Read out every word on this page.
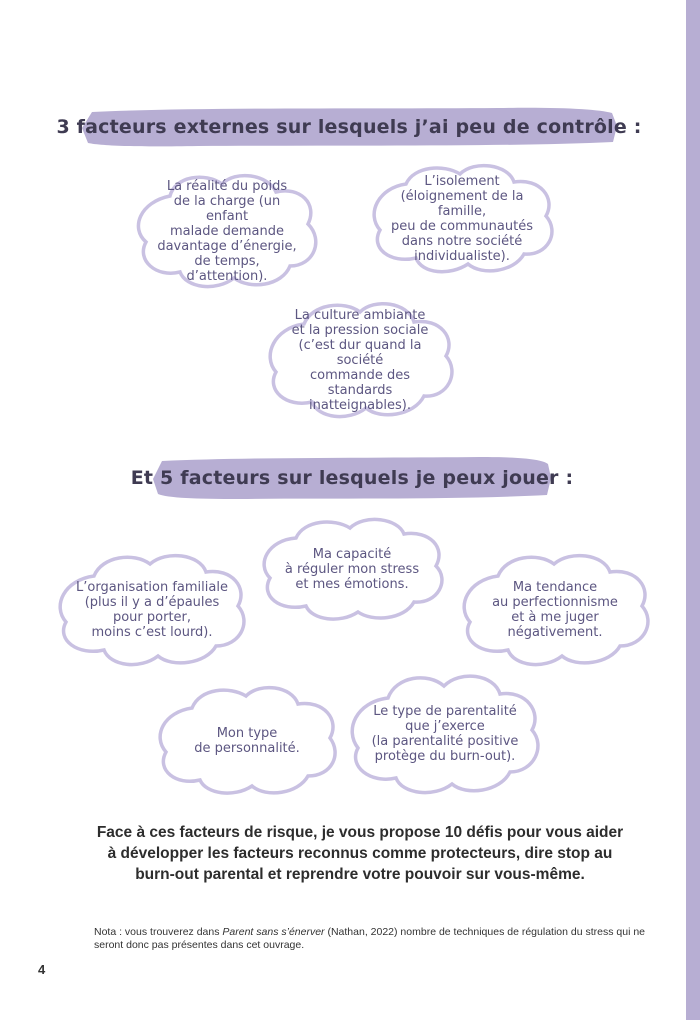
3 facteurs externes sur lesquels j’ai peu de contrôle :
La réalité du poids
de la charge (un enfant
malade demande
davantage d’énergie,
de temps, d’attention).
L’isolement
(éloignement de la famille,
peu de communautés
dans notre société
individualiste).
La culture ambiante
et la pression sociale
(c’est dur quand la société
commande des standards
inatteignables).
Et 5 facteurs sur lesquels je peux jouer :
Ma capacité
à réguler mon stress
et mes émotions.
L’organisation familiale
(plus il y a d’épaules
pour porter,
moins c’est lourd).
Ma tendance
au perfectionnisme
et à me juger
négativement.
Mon type
de personnalité.
Le type de parentalité
que j’exerce
(la parentalité positive
protège du burn-out).
Face à ces facteurs de risque, je vous propose 10 défis pour vous aider
à développer les facteurs reconnus comme protecteurs, dire stop au
burn-out parental et reprendre votre pouvoir sur vous-même.
Nota : vous trouverez dans Parent sans s’énerver (Nathan, 2022) nombre de techniques de régulation du stress qui ne seront donc pas présentes dans cet ouvrage.
4
